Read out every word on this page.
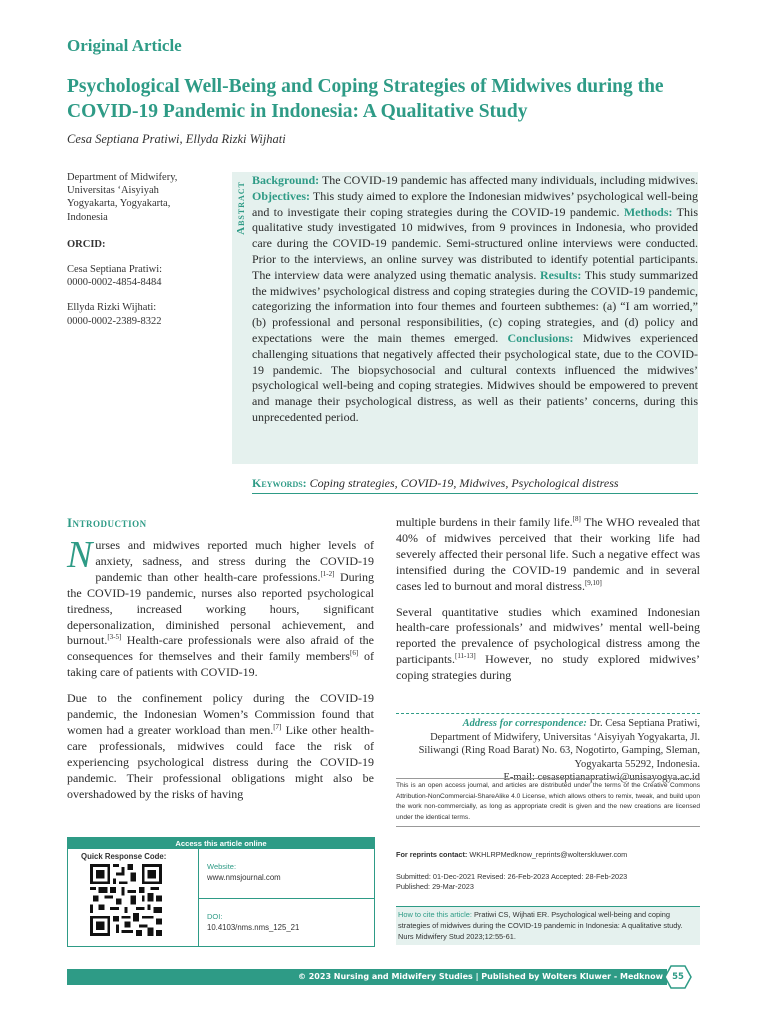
Original Article
Psychological Well-Being and Coping Strategies of Midwives during the COVID-19 Pandemic in Indonesia: A Qualitative Study
Cesa Septiana Pratiwi, Ellyda Rizki Wijhati

Department of Midwifery,

Universitas ‘Aisyiyah

Yogyakarta, Yogyakarta,

Indonesia

ORCID:

Cesa Septiana Pratiwi:

0000-0002-4854-8484

Ellyda Rizki Wijhati:

0000-0002-2389-8322

Abstract

Background: The COVID-19 pandemic has affected many individuals, including midwives. Objectives: This study aimed to explore the Indonesian midwives’ psychological well-being and to investigate their coping strategies during the COVID-19 pandemic. Methods: This qualitative study investigated 10 midwives, from 9 provinces in Indonesia, who provided care during the COVID-19 pandemic. Semi-structured online interviews were conducted. Prior to the interviews, an online survey was distributed to identify potential participants. The interview data were analyzed using thematic analysis. Results: This study summarized the midwives’ psychological distress and coping strategies during the COVID-19 pandemic, categorizing the information into four themes and fourteen subthemes: (a) “I am worried,” (b) professional and personal responsibilities, (c) coping strategies, and (d) policy and expectations were the main themes emerged. Conclusions: Midwives experienced challenging situations that negatively affected their psychological state, due to the COVID-19 pandemic. The biopsychosocial and cultural contexts influenced the midwives’ psychological well-being and coping strategies. Midwives should be empowered to prevent and manage their psychological distress, as well as their patients’ concerns, during this unprecedented period.

Keywords: Coping strategies, COVID-19, Midwives, Psychological distress
Introduction

Nurses and midwives reported much higher levels of anxiety, sadness, and stress during the COVID-19 pandemic than other health-care professions.[1-2] During the COVID-19 pandemic, nurses also reported psychological tiredness, increased working hours, significant depersonalization, diminished personal achievement, and burnout.[3-5] Health-care professionals were also afraid of the consequences for themselves and their family members[6] of taking care of patients with COVID-19.

Due to the confinement policy during the COVID-19 pandemic, the Indonesian Women’s Commission found that women had a greater workload than men.[7] Like other health-care professionals, midwives could face the risk of experiencing psychological distress during the COVID-19 pandemic. Their professional obligations might also be overshadowed by the risks of having

multiple burdens in their family life.[8] The WHO revealed that 40% of midwives perceived that their working life had severely affected their personal life. Such a negative effect was intensified during the COVID-19 pandemic and in several cases led to burnout and moral distress.[9,10]

Several quantitative studies which examined Indonesian health-care professionals’ and midwives’ mental well-being reported the prevalence of psychological distress among the participants.[11-13] However, no study explored midwives’ coping strategies during

Address for correspondence: Dr. Cesa Septiana Pratiwi,
Department of Midwifery, Universitas ‘Aisyiyah Yogyakarta, Jl.
Siliwangi (Ring Road Barat) No. 63, Nogotirto, Gamping, Sleman,
Yogyakarta 55292, Indonesia.
E-mail: cesaseptianapratiwi@unisayogya.ac.id
This is an open access journal, and articles are distributed under the terms of the Creative Commons Attribution-NonCommercial-ShareAlike 4.0 License, which allows others to remix, tweak, and build upon the work non-commercially, as long as appropriate credit is given and the new creations are licensed under the identical terms.
For reprints contact: WKHLRPMedknow_reprints@wolterskluwer.com
Submitted: 01-Dec-2021 Revised: 26-Feb-2023 Accepted: 28-Feb-2023
Published: 29-Mar-2023
How to cite this article: Pratiwi CS, Wijhati ER. Psychological well-being and coping strategies of midwives during the COVID-19 pandemic in Indonesia: A qualitative study. Nurs Midwifery Stud 2023;12:55-61.
Access this article online
Quick Response Code:
Website:
www.nmsjournal.com
DOI:
10.4103/nms.nms_125_21
© 2023 Nursing and Midwifery Studies | Published by Wolters Kluwer - Medknow	55
